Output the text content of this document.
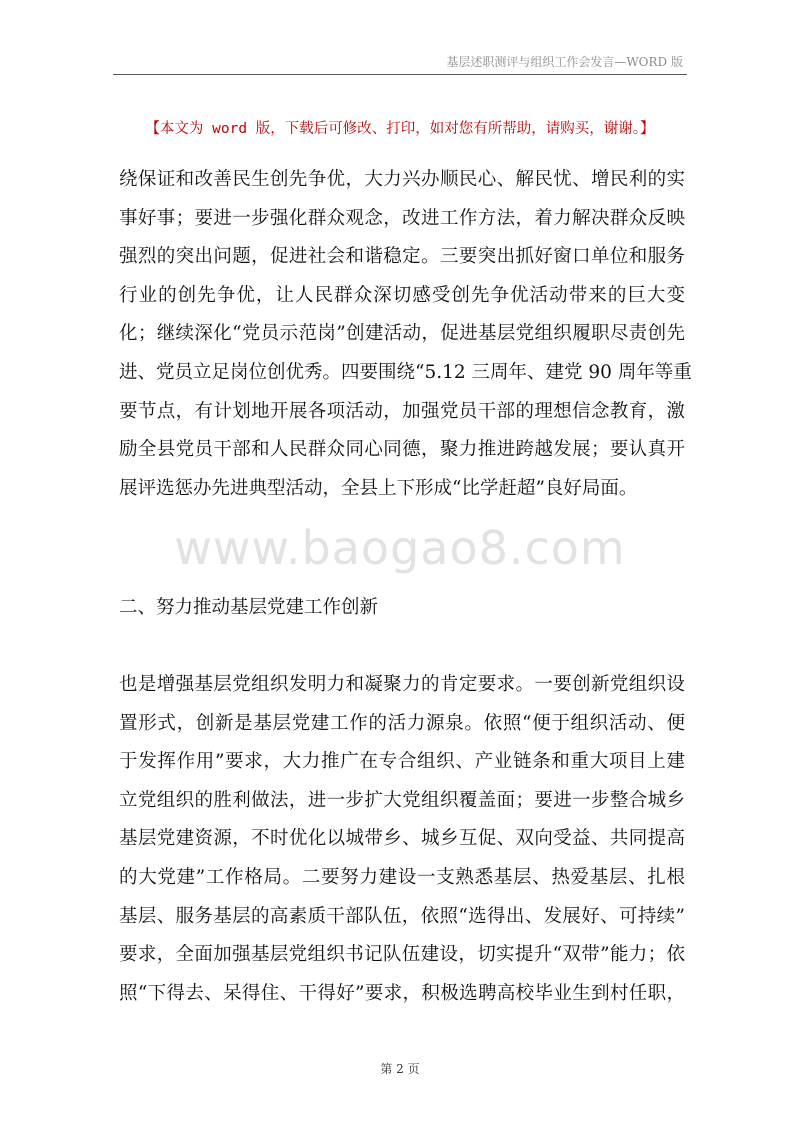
基层述职测评与组织工作会发言—WORD 版
【本文为 word 版，下载后可修改、打印，如对您有所帮助，请购买，谢谢。】
绕保证和改善民生创先争优，大力兴办顺民心、解民忧、增民利的实
事好事；要进一步强化群众观念，改进工作方法，着力解决群众反映
强烈的突出问题，促进社会和谐稳定。三要突出抓好窗口单位和服务
行业的创先争优，让人民群众深切感受创先争优活动带来的巨大变
化；继续深化“党员示范岗”创建活动，促进基层党组织履职尽责创先
进、党员立足岗位创优秀。四要围绕“5.12 三周年、建党 90 周年等重
要节点，有计划地开展各项活动，加强党员干部的理想信念教育，激
励全县党员干部和人民群众同心同德，聚力推进跨越发展；要认真开
展评选惩办先进典型活动，全县上下形成“比学赶超”良好局面。
www.baogao8.com
二、努力推动基层党建工作创新
也是增强基层党组织发明力和凝聚力的肯定要求。一要创新党组织设
置形式，创新是基层党建工作的活力源泉。依照“便于组织活动、便
于发挥作用”要求，大力推广在专合组织、产业链条和重大项目上建
立党组织的胜利做法，进一步扩大党组织覆盖面；要进一步整合城乡
基层党建资源，不时优化以城带乡、城乡互促、双向受益、共同提高
的大党建”工作格局。二要努力建设一支熟悉基层、热爱基层、扎根
基层、服务基层的高素质干部队伍，依照“选得出、发展好、可持续”
要求，全面加强基层党组织书记队伍建设，切实提升“双带”能力；依
照“下得去、呆得住、干得好”要求，积极选聘高校毕业生到村任职，
第 2 页
